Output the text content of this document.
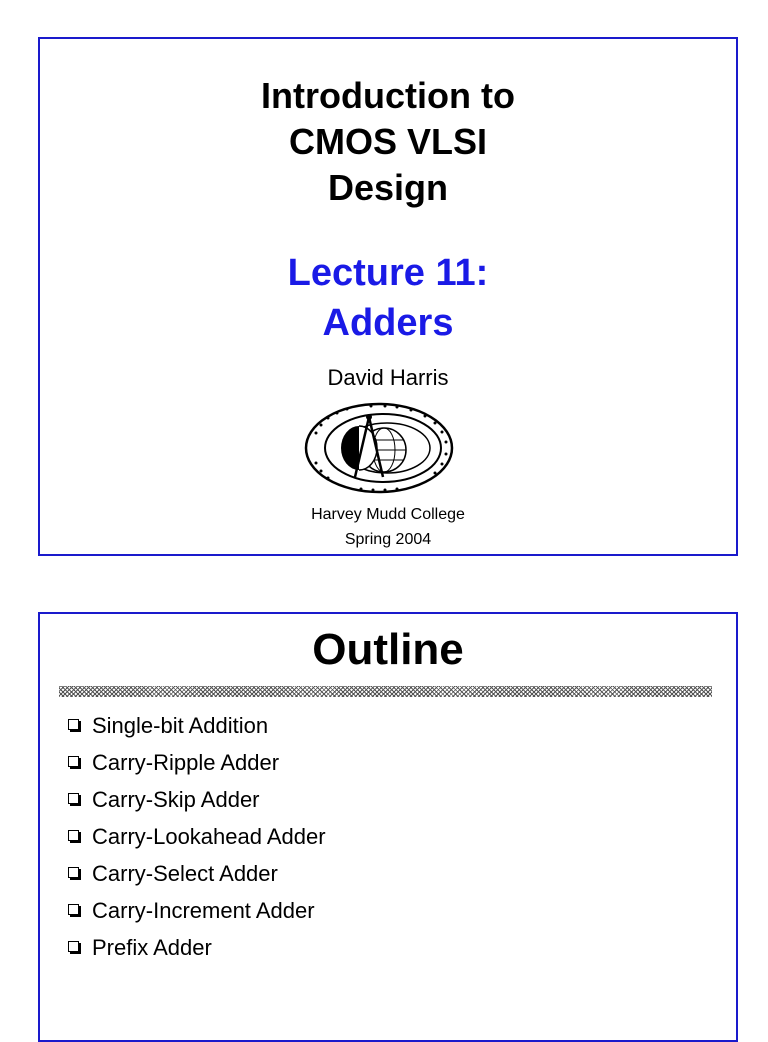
Introduction to
CMOS VLSI
Design
Lecture 11:
Adders
David Harris
Harvey Mudd College
Spring 2004
Outline
Single-bit Addition
Carry-Ripple Adder
Carry-Skip Adder
Carry-Lookahead Adder
Carry-Select Adder
Carry-Increment Adder
Prefix Adder
